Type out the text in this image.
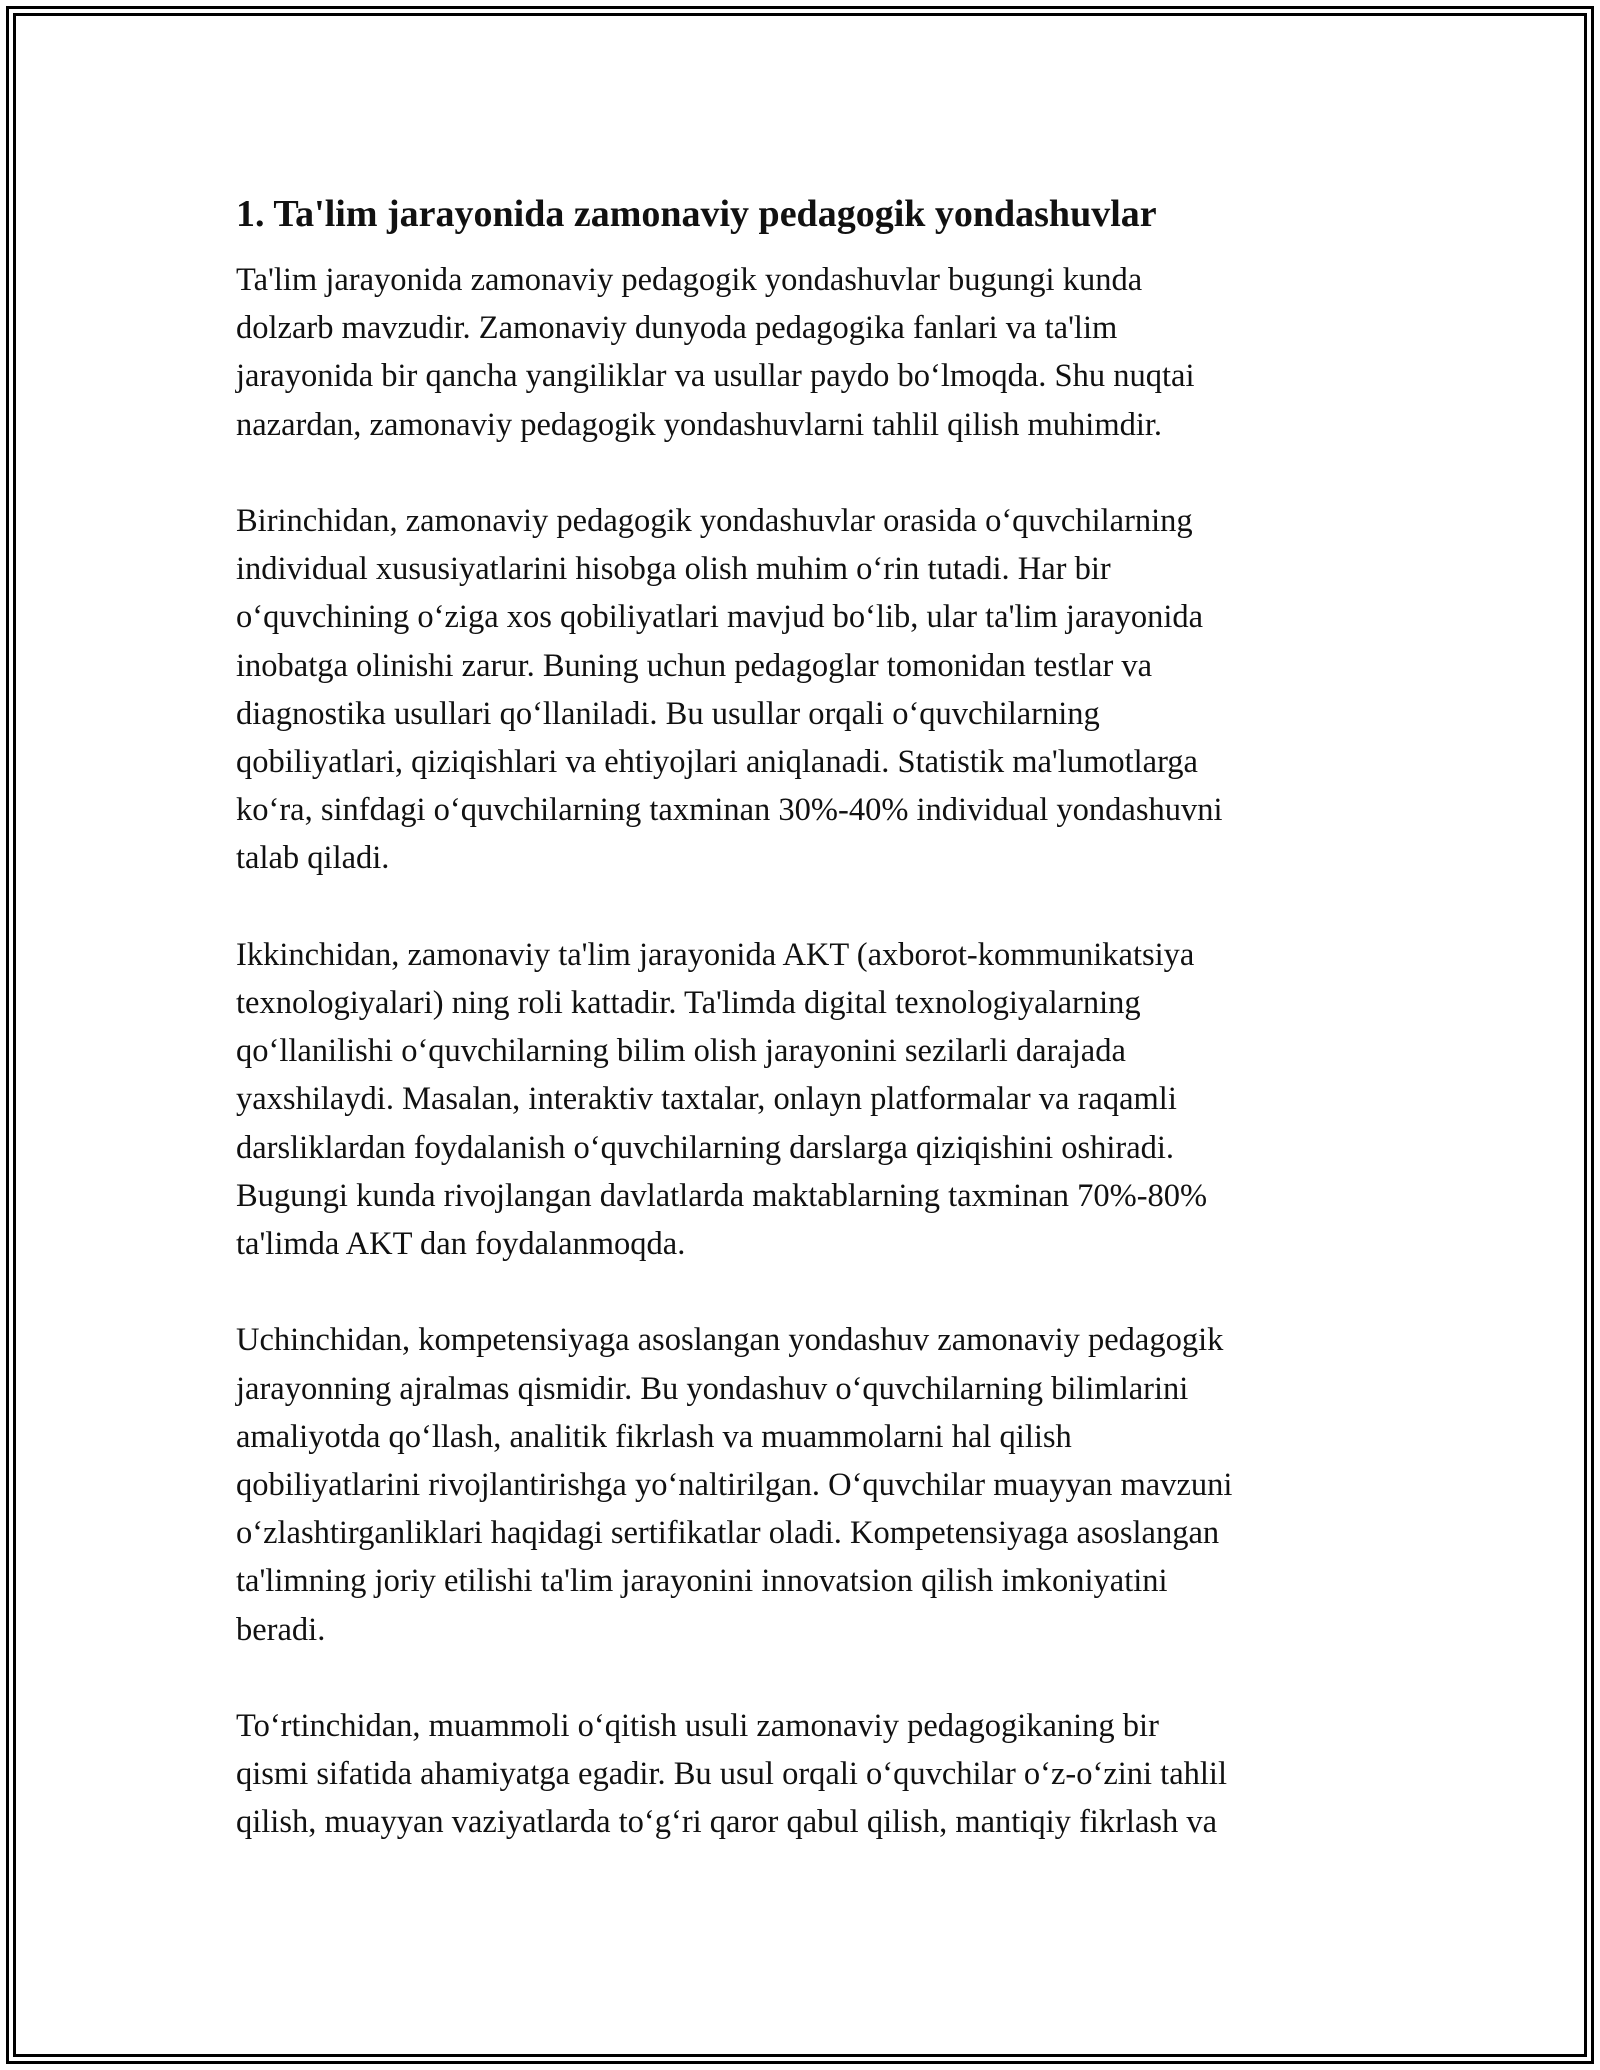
1. Ta'lim jarayonida zamonaviy pedagogik yondashuvlar
Ta'lim jarayonida zamonaviy pedagogik yondashuvlar bugungi kunda
dolzarb mavzudir. Zamonaviy dunyoda pedagogika fanlari va ta'lim
jarayonida bir qancha yangiliklar va usullar paydo bo‘lmoqda. Shu nuqtai
nazardan, zamonaviy pedagogik yondashuvlarni tahlil qilish muhimdir.
Birinchidan, zamonaviy pedagogik yondashuvlar orasida o‘quvchilarning
individual xususiyatlarini hisobga olish muhim o‘rin tutadi. Har bir
o‘quvchining o‘ziga xos qobiliyatlari mavjud bo‘lib, ular ta'lim jarayonida
inobatga olinishi zarur. Buning uchun pedagoglar tomonidan testlar va
diagnostika usullari qo‘llaniladi. Bu usullar orqali o‘quvchilarning
qobiliyatlari, qiziqishlari va ehtiyojlari aniqlanadi. Statistik ma'lumotlarga
ko‘ra, sinfdagi o‘quvchilarning taxminan 30%-40% individual yondashuvni
talab qiladi.
Ikkinchidan, zamonaviy ta'lim jarayonida AKT (axborot-kommunikatsiya
texnologiyalari) ning roli kattadir. Ta'limda digital texnologiyalarning
qo‘llanilishi o‘quvchilarning bilim olish jarayonini sezilarli darajada
yaxshilaydi. Masalan, interaktiv taxtalar, onlayn platformalar va raqamli
darsliklardan foydalanish o‘quvchilarning darslarga qiziqishini oshiradi.
Bugungi kunda rivojlangan davlatlarda maktablarning taxminan 70%-80%
ta'limda AKT dan foydalanmoqda.
Uchinchidan, kompetensiyaga asoslangan yondashuv zamonaviy pedagogik
jarayonning ajralmas qismidir. Bu yondashuv o‘quvchilarning bilimlarini
amaliyotda qo‘llash, analitik fikrlash va muammolarni hal qilish
qobiliyatlarini rivojlantirishga yo‘naltirilgan. O‘quvchilar muayyan mavzuni
o‘zlashtirganliklari haqidagi sertifikatlar oladi. Kompetensiyaga asoslangan
ta'limning joriy etilishi ta'lim jarayonini innovatsion qilish imkoniyatini
beradi.
To‘rtinchidan, muammoli o‘qitish usuli zamonaviy pedagogikaning bir
qismi sifatida ahamiyatga egadir. Bu usul orqali o‘quvchilar o‘z-o‘zini tahlil
qilish, muayyan vaziyatlarda to‘g‘ri qaror qabul qilish, mantiqiy fikrlash va
